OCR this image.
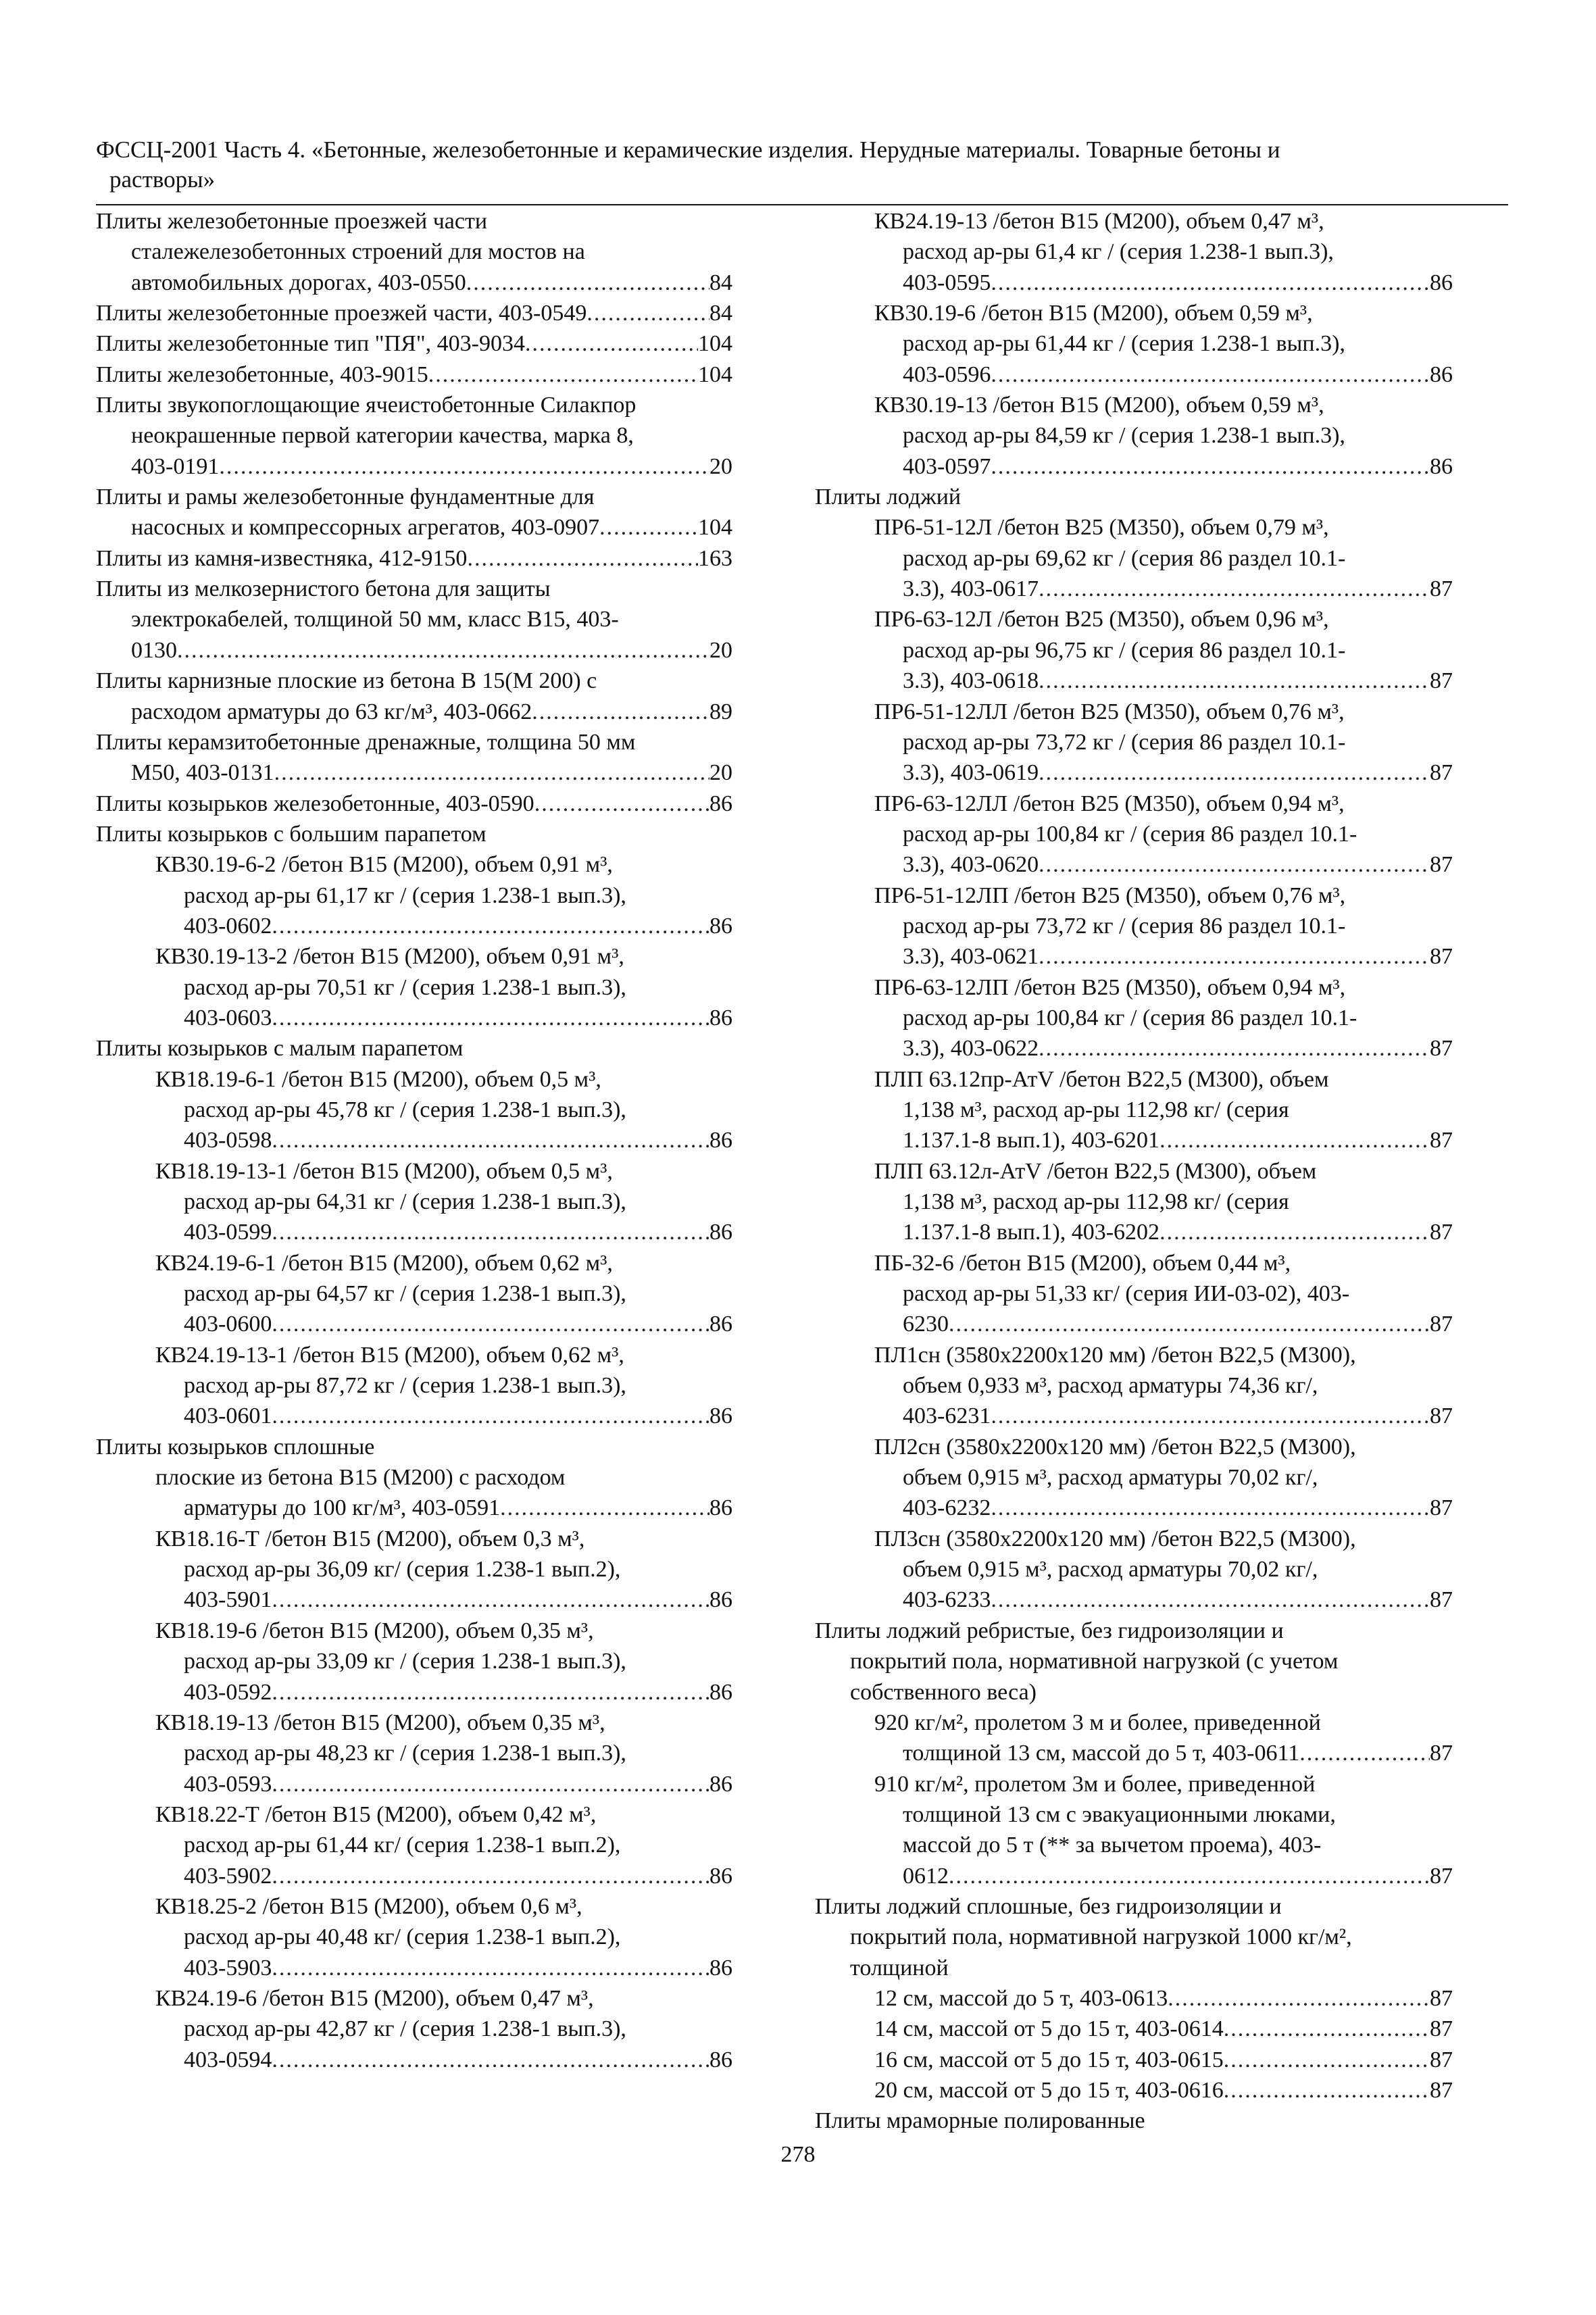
ФССЦ-2001 Часть 4. «Бетонные, железобетонные и керамические изделия. Нерудные материалы. Товарные бетоны и
растворы»
Плиты железобетонные проезжей части
сталежелезобетонных строений для мостов на
автомобильных дорогах, 403-0550 .....	84
Плиты железобетонные проезжей части, 403-0549 .....	84
Плиты железобетонные тип "ПЯ", 403-9034 .....	104
Плиты железобетонные, 403-9015 .....	104
Плиты звукопоглощающие ячеистобетонные Силакпор
неокрашенные первой категории качества, марка 8,
403-0191 .....	20
Плиты и рамы железобетонные фундаментные для
насосных и компрессорных агрегатов, 403-0907 .....	104
Плиты из камня-известняка, 412-9150 .....	163
Плиты из мелкозернистого бетона для защиты
электрокабелей, толщиной 50 мм, класс В15, 403-
0130 .....	20
Плиты карнизные плоские из бетона В 15(М 200) с
расходом арматуры до 63 кг/м³, 403-0662 .....	89
Плиты керамзитобетонные дренажные, толщина 50 мм
М50, 403-0131 .....	20
Плиты козырьков железобетонные, 403-0590 .....	86
Плиты козырьков с большим парапетом
КВ30.19-6-2 /бетон В15 (М200), объем 0,91 м³,
расход ар-ры 61,17 кг / (серия 1.238-1 вып.3),
403-0602 .....	86
КВ30.19-13-2 /бетон В15 (М200), объем 0,91 м³,
расход ар-ры 70,51 кг / (серия 1.238-1 вып.3),
403-0603 .....	86
Плиты козырьков с малым парапетом
КВ18.19-6-1 /бетон В15 (М200), объем 0,5 м³,
расход ар-ры 45,78 кг / (серия 1.238-1 вып.3),
403-0598 .....	86
КВ18.19-13-1 /бетон В15 (М200), объем 0,5 м³,
расход ар-ры 64,31 кг / (серия 1.238-1 вып.3),
403-0599 .....	86
КВ24.19-6-1 /бетон В15 (М200), объем 0,62 м³,
расход ар-ры 64,57 кг / (серия 1.238-1 вып.3),
403-0600 .....	86
КВ24.19-13-1 /бетон В15 (М200), объем 0,62 м³,
расход ар-ры 87,72 кг / (серия 1.238-1 вып.3),
403-0601 .....	86
Плиты козырьков сплошные
плоские из бетона В15 (М200) с расходом
арматуры до 100 кг/м³, 403-0591 .....	86
КВ18.16-Т /бетон В15 (М200), объем 0,3 м³,
расход ар-ры 36,09 кг/ (серия 1.238-1 вып.2),
403-5901 .....	86
КВ18.19-6 /бетон В15 (М200), объем 0,35 м³,
расход ар-ры 33,09 кг / (серия 1.238-1 вып.3),
403-0592 .....	86
КВ18.19-13 /бетон В15 (М200), объем 0,35 м³,
расход ар-ры 48,23 кг / (серия 1.238-1 вып.3),
403-0593 .....	86
КВ18.22-Т /бетон В15 (М200), объем 0,42 м³,
расход ар-ры 61,44 кг/ (серия 1.238-1 вып.2),
403-5902 .....	86
КВ18.25-2 /бетон В15 (М200), объем 0,6 м³,
расход ар-ры 40,48 кг/ (серия 1.238-1 вып.2),
403-5903 .....	86
КВ24.19-6 /бетон В15 (М200), объем 0,47 м³,
расход ар-ры 42,87 кг / (серия 1.238-1 вып.3),
403-0594 .....	86
КВ24.19-13 /бетон В15 (М200), объем 0,47 м³,
расход ар-ры 61,4 кг / (серия 1.238-1 вып.3),
403-0595 .....	86
КВ30.19-6 /бетон В15 (М200), объем 0,59 м³,
расход ар-ры 61,44 кг / (серия 1.238-1 вып.3),
403-0596 .....	86
КВ30.19-13 /бетон В15 (М200), объем 0,59 м³,
расход ар-ры 84,59 кг / (серия 1.238-1 вып.3),
403-0597 .....	86
Плиты лоджий
ПР6-51-12Л /бетон В25 (М350), объем 0,79 м³,
расход ар-ры 69,62 кг / (серия 86 раздел 10.1-
3.3), 403-0617 .....	87
ПР6-63-12Л /бетон В25 (М350), объем 0,96 м³,
расход ар-ры 96,75 кг / (серия 86 раздел 10.1-
3.3), 403-0618 .....	87
ПР6-51-12ЛЛ /бетон В25 (М350), объем 0,76 м³,
расход ар-ры 73,72 кг / (серия 86 раздел 10.1-
3.3), 403-0619 .....	87
ПР6-63-12ЛЛ /бетон В25 (М350), объем 0,94 м³,
расход ар-ры 100,84 кг / (серия 86 раздел 10.1-
3.3), 403-0620 .....	87
ПР6-51-12ЛП /бетон В25 (М350), объем 0,76 м³,
расход ар-ры 73,72 кг / (серия 86 раздел 10.1-
3.3), 403-0621 .....	87
ПР6-63-12ЛП /бетон В25 (М350), объем 0,94 м³,
расход ар-ры 100,84 кг / (серия 86 раздел 10.1-
3.3), 403-0622 .....	87
ПЛП 63.12пр-АтV /бетон В22,5 (М300), объем
1,138 м³, расход ар-ры 112,98 кг/ (серия
1.137.1-8 вып.1), 403-6201 .....	87
ПЛП 63.12л-АтV /бетон В22,5 (М300), объем
1,138 м³, расход ар-ры 112,98 кг/ (серия
1.137.1-8 вып.1), 403-6202 .....	87
ПБ-32-6 /бетон В15 (М200), объем 0,44 м³,
расход ар-ры 51,33 кг/ (серия ИИ-03-02), 403-
6230 .....	87
ПЛ1сн (3580х2200х120 мм) /бетон В22,5 (М300),
объем 0,933 м³, расход арматуры 74,36 кг/,
403-6231 .....	87
ПЛ2сн (3580х2200х120 мм) /бетон В22,5 (М300),
объем 0,915 м³, расход арматуры 70,02 кг/,
403-6232 .....	87
ПЛ3сн (3580х2200х120 мм) /бетон В22,5 (М300),
объем 0,915 м³, расход арматуры 70,02 кг/,
403-6233 .....	87
Плиты лоджий ребристые, без гидроизоляции и
покрытий пола, нормативной нагрузкой (с учетом
собственного веса)
920 кг/м², пролетом 3 м и более, приведенной
толщиной 13 см, массой до 5 т, 403-0611 .....	87
910 кг/м², пролетом 3м и более, приведенной
толщиной 13 см с эвакуационными люками,
массой до 5 т (** за вычетом проема), 403-
0612 .....	87
Плиты лоджий сплошные, без гидроизоляции и
покрытий пола, нормативной нагрузкой 1000 кг/м²,
толщиной
12 см, массой до 5 т, 403-0613 .....	87
14 см, массой от 5 до 15 т, 403-0614 .....	87
16 см, массой от 5 до 15 т, 403-0615 .....	87
20 см, массой от 5 до 15 т, 403-0616 .....	87
Плиты мраморные полированные
278
